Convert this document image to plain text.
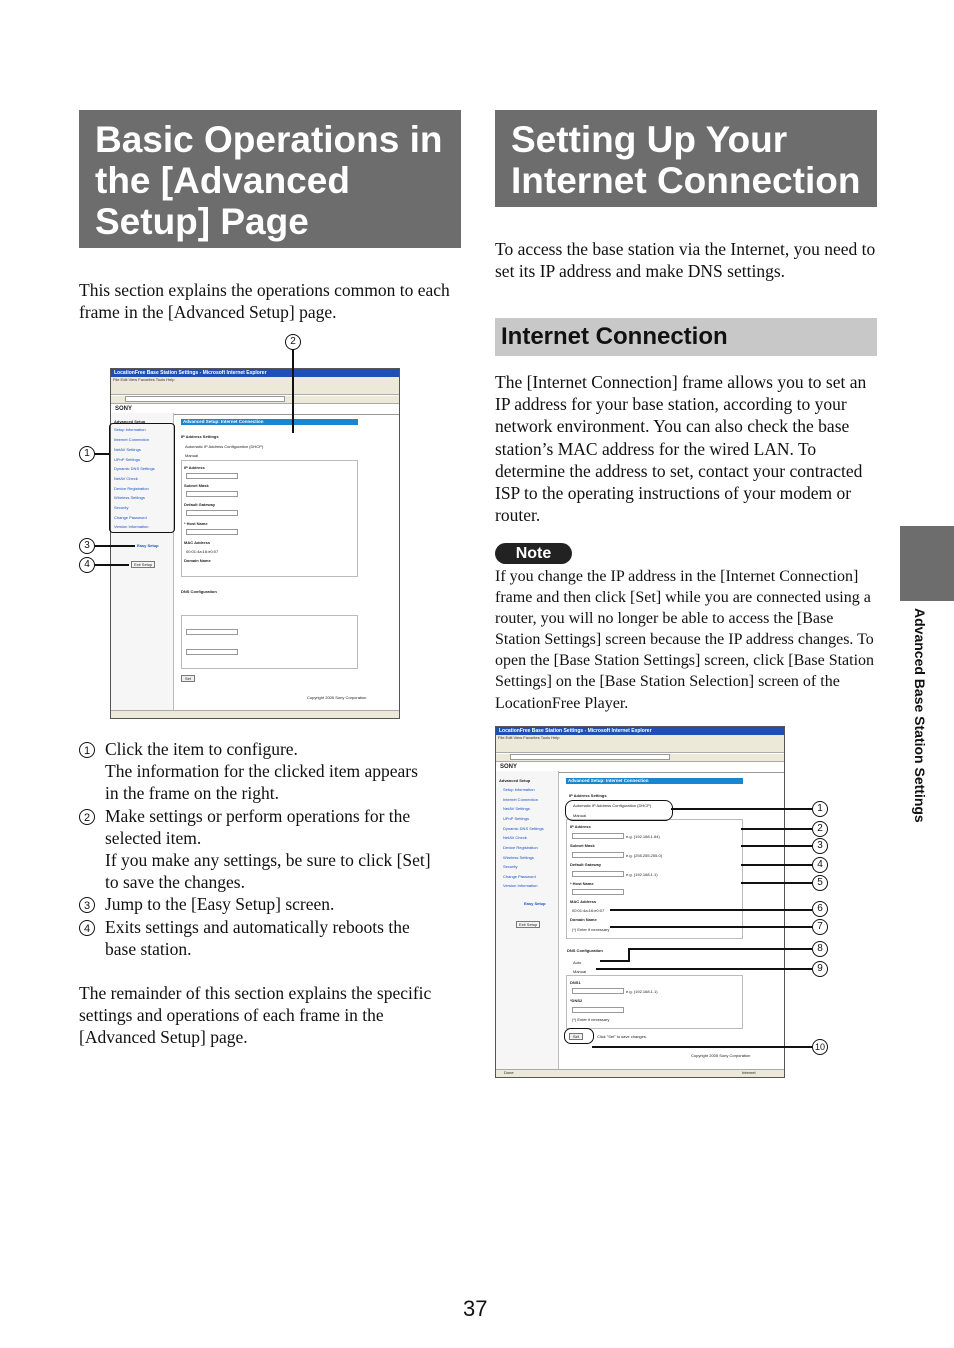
Basic Operations in
the [Advanced
Setup] Page
This section explains the operations common to each frame in the [Advanced Setup] page.
LocationFree Base Station Settings - Microsoft Internet Explorer
File Edit View Favorites Tools Help
SONY
Advanced Setup
Setup Information
Internet Connection
NetAV Settings
UPnP Settings
Dynamic DNS Settings
NetAV Check
Device Registration
Wireless Settings
Security
Change Password
Version Information
Easy Setup
Exit Setup
Advanced Setup: Internet Connection
IP Address Settings
Automatic IP Address Configuration (DHCP)
Manual
IP Address
Subnet Mask
Default Gateway
* Host Name
MAC Address
00:01:4a:16:e0:07
Domain Name
DNS Configuration
Set
Copyright 2005 Sony Corporation
2
1
3
4
1 Click the item to configure.
The information for the clicked item appears
in the frame on the right.
2 Make settings or perform operations for the
selected item.
If you make any settings, be sure to click [Set]
to save the changes.
3 Jump to the [Easy Setup] screen.
4 Exits settings and automatically reboots the
base station.
The remainder of this section explains the specific settings and operations of each frame in the [Advanced Setup] page.
Setting Up Your
Internet Connection
To access the base station via the Internet, you need to set its IP address and make DNS settings.
Internet Connection
The [Internet Connection] frame allows you to set an IP address for your base station, according to your network environment. You can also check the base station’s MAC address for the wired LAN. To determine the address to set, contact your contracted ISP to the operating instructions of your modem or router.
Note
If you change the IP address in the [Internet Connection] frame and then click [Set] while you are connected using a router, you will no longer be able to access the [Base Station Settings] screen because the IP address changes. To open the [Base Station Settings] screen, click [Base Station Settings] on the [Base Station Selection] screen of the LocationFree Player.
LocationFree Base Station Settings - Microsoft Internet Explorer
File Edit View Favorites Tools Help
SONY
Advanced Setup
Setup Information
Internet Connection
NetAV Settings
UPnP Settings
Dynamic DNS Settings
NetAV Check
Device Registration
Wireless Settings
Security
Change Password
Version Information
Easy Setup
Exit Setup
Advanced Setup: Internet Connection
IP Address Settings
Automatic IP Address Configuration (DHCP)
Manual
IP Address
e.g. (192.168.1.64)
Subnet Mask
e.g. (255.255.255.0)
Default Gateway
e.g. (192.168.1.1)
* Host Name
MAC Address
00:01:4a:16:e0:07
Domain Name
(*) Enter if necessary
DNS Configuration
Auto
Manual
DNS1
e.g. (192.168.1.1)
*DNS2
(*) Enter if necessary
Set	Click "Set" to save changes.
Copyright 2005 Sony Corporation
Done	Internet
1
2
3
4
5
6
7
8
9
10
Advanced Base Station Settings
37
